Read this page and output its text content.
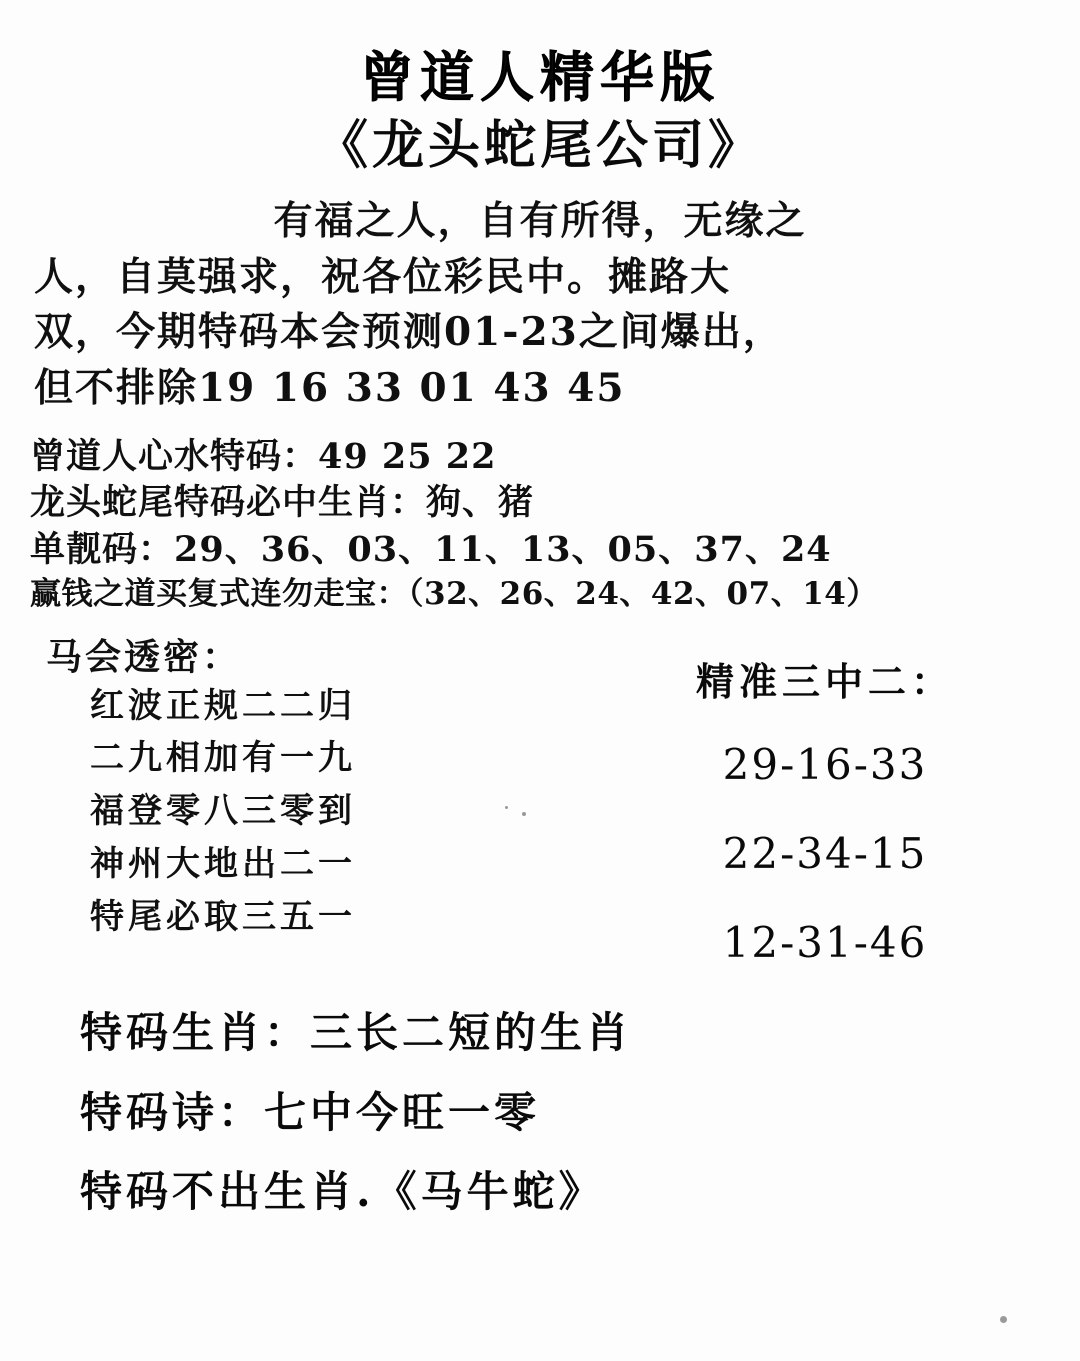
曾道人精华版
《龙头蛇尾公司》
有福之人，自有所得，无缘之
人，自莫强求，祝各位彩民中。摊路大
双，今期特码本会预测01-23之间爆出，
但不排除19 16 33 01 43 45
曾道人心水特码：49 25 22
龙头蛇尾特码必中生肖：狗、猪
单靓码：29、36、03、11、13、05、37、24
赢钱之道买复式连勿走宝：（32、26、24、42、07、14）
马会透密：
红波正规二二归
二九相加有一九
福登零八三零到
神州大地出二一
特尾必取三五一
精准三中二：
29-16-33
22-34-15
12-31-46
特码生肖：三长二短的生肖
特码诗：七中今旺一零
特码不出生肖.《马牛蛇》
